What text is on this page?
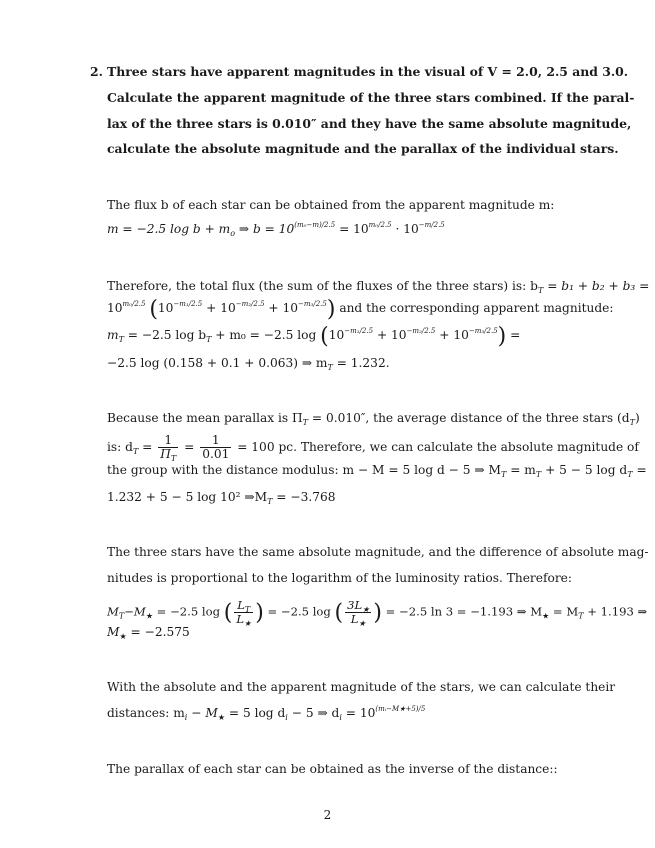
2. Three stars have apparent magnitudes in the visual of V = 2.0, 2.5 and 3.0.
Calculate the apparent magnitude of the three stars combined. If the paral-
lax of the three stars is 0.010″ and they have the same absolute magnitude,
calculate the absolute magnitude and the parallax of the individual stars.
The flux b of each star can be obtained from the apparent magnitude m:
m = −2.5 $\log b + m_o$ ⇒ $b = 10^{(m_0-m)/2.5} = 10^{m_0/2.5} \cdot 10^{-m/2.5}$
Therefore, the total flux (the sum of the fluxes of the three stars) is: $b_T = b_1 + b_2 + b_3$ =
$10^{m_0/2.5}$ $(10^{-m_1/2.5} + 10^{-m_2/2.5} + 10^{-m_3/2.5})$ and the corresponding apparent magnitude:
$m_T = -2.5$ $\log b_T + m_0 = -2.5$ $\log (10^{-m_1/2.5} + 10^{-m_2/2.5} + 10^{-m_3/2.5})$ =
−2.5 log (0.158 + 0.1 + 0.063) ⇒ $m_T = 1.232$.
Because the mean parallax is $\Pi_T = 0.010''$, the average distance of the three stars $(d_T)$
is: $d_T = \frac{1}{\Pi_T} = \frac{1}{0.01} = 100$ pc. Therefore, we can calculate the absolute magnitude of
the group with the distance modulus: m − M = 5 log d − 5 ⇒ $M_T = m_T + 5 - 5$ $\log d_T$ =
1.232 + 5 − 5 log 10² $\Rightarrow M_T = -3.768$
The three stars have the same absolute magnitude, and the difference of absolute mag-
nitudes is proportional to the logarithm of the luminosity ratios. Therefore:
$M_T-M_★ = -2.5$ log ( $\frac{L_T}{L_★}$ ) = −2.5 log ( $\frac{3L_★}{L_★}$ ) = −2.5 ln 3 = −1.193 ⇒ $M_★ = M_T + 1.193$ ⇒
$M_★ = -2.575$
With the absolute and the apparent magnitude of the stars, we can calculate their
distances: $m_i - M_★ = 5$ $\log d_i - 5$ ⇒ $d_i = 10^{(mᵢ-M★+5)/5}$
The parallax of each star can be obtained as the inverse of the distance::
2
